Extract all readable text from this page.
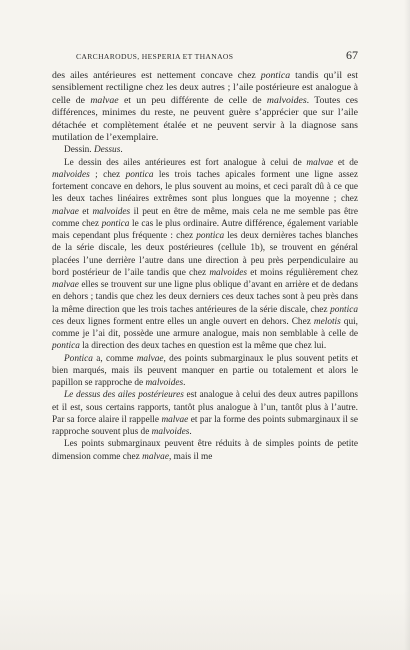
CARCHARODUS, HESPERIA ET THANAOS	67

des ailes antérieures est nettement concave chez pontica tandis qu’il est sensiblement rectiligne chez les deux autres ; l’aile postérieure est analogue à celle de malvae et un peu différente de celle de malvoides. Toutes ces différences, minimes du reste, ne peuvent guère s’apprécier que sur l’aile détachée et complètement étalée et ne peuvent servir à la diagnose sans mutilation de l’exemplaire.

Dessin. Dessus.

Le dessin des ailes antérieures est fort analogue à celui de malvae et de malvoides ; chez pontica les trois taches apicales forment une ligne assez fortement concave en dehors, le plus souvent au moins, et ceci paraît dû à ce que les deux taches linéaires extrêmes sont plus longues que la moyenne ; chez malvae et malvoides il peut en être de même, mais cela ne me semble pas être comme chez pontica le cas le plus ordinaire. Autre différence, également variable mais cependant plus fréquente : chez pontica les deux dernières taches blanches de la série discale, les deux postérieures (cellule 1b), se trouvent en général placées l’une derrière l’autre dans une direction à peu près perpendiculaire au bord postérieur de l’aile tandis que chez malvoides et moins régulièrement chez malvae elles se trouvent sur une ligne plus oblique d’avant en arrière et de dedans en dehors ; tandis que chez les deux derniers ces deux taches sont à peu près dans la même direction que les trois taches antérieures de la série discale, chez pontica ces deux lignes forment entre elles un angle ouvert en dehors. Chez melotis qui, comme je l’ai dit, possède une armure analogue, mais non semblable à celle de pontica la direction des deux taches en question est la même que chez lui.

Pontica a, comme malvae, des points submarginaux le plus souvent petits et bien marqués, mais ils peuvent manquer en partie ou totalement et alors le papillon se rapproche de malvoides.

Le dessus des ailes postérieures est analogue à celui des deux autres papillons et il est, sous certains rapports, tantôt plus analogue à l’un, tantôt plus à l’autre. Par sa force alaire il rappelle malvae et par la forme des points submarginaux il se rapproche souvent plus de malvoides.

Les points submarginaux peuvent être réduits à de simples points de petite dimension comme chez malvae, mais il me
